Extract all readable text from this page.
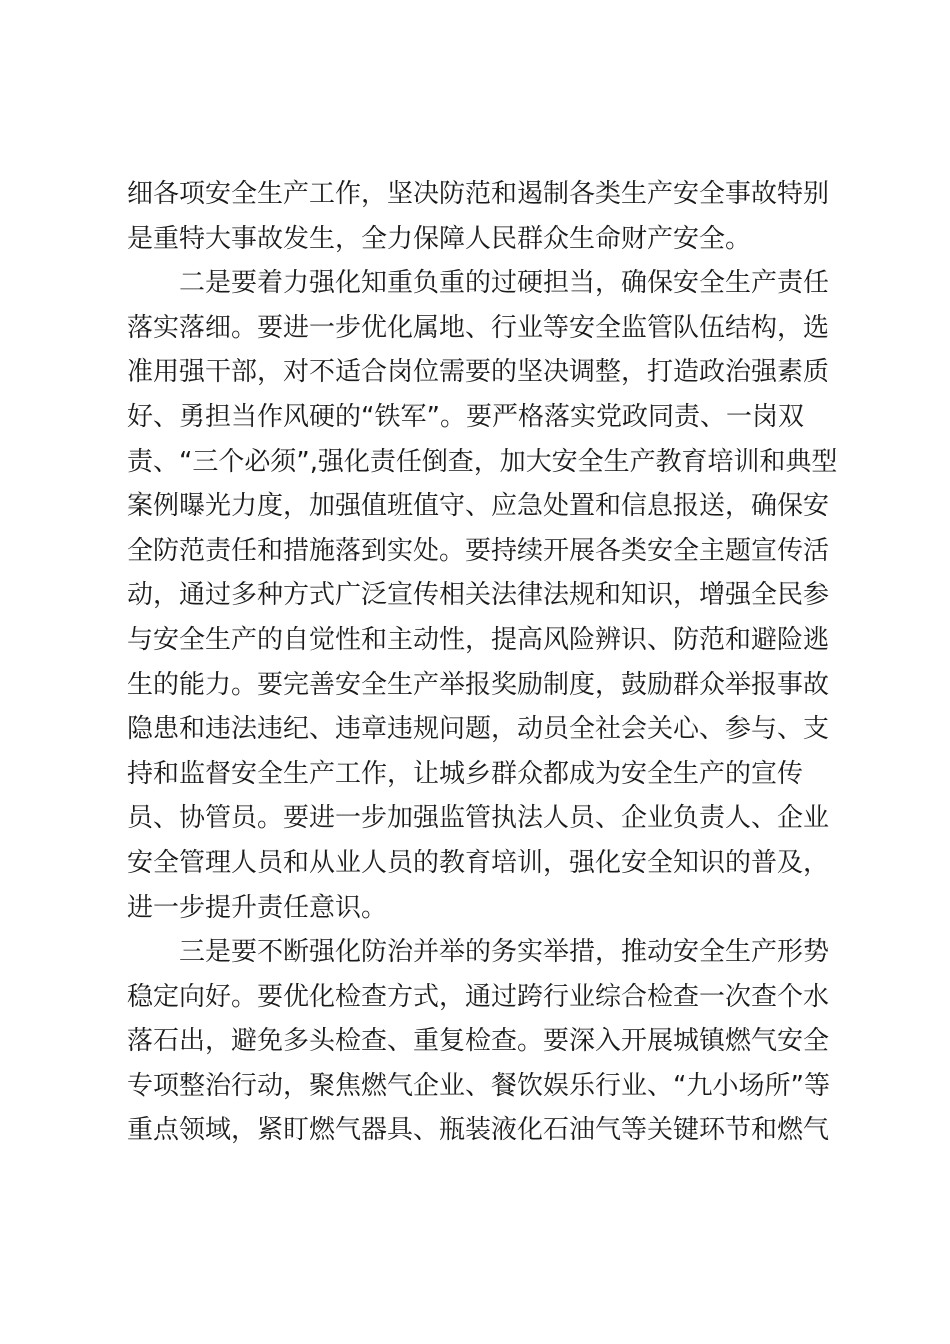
细各项安全生产工作，坚决防范和遏制各类生产安全事故特别
是重特大事故发生，全力保障人民群众生命财产安全。
二是要着力强化知重负重的过硬担当，确保安全生产责任
落实落细。要进一步优化属地、行业等安全监管队伍结构，选
准用强干部，对不适合岗位需要的坚决调整，打造政治强素质
好、勇担当作风硬的“铁军”。要严格落实党政同责、一岗双
责、“三个必须”,强化责任倒查，加大安全生产教育培训和典型
案例曝光力度，加强值班值守、应急处置和信息报送，确保安
全防范责任和措施落到实处。要持续开展各类安全主题宣传活
动，通过多种方式广泛宣传相关法律法规和知识，增强全民参
与安全生产的自觉性和主动性，提高风险辨识、防范和避险逃
生的能力。要完善安全生产举报奖励制度，鼓励群众举报事故
隐患和违法违纪、违章违规问题，动员全社会关心、参与、支
持和监督安全生产工作，让城乡群众都成为安全生产的宣传
员、协管员。要进一步加强监管执法人员、企业负责人、企业
安全管理人员和从业人员的教育培训，强化安全知识的普及，
进一步提升责任意识。
三是要不断强化防治并举的务实举措，推动安全生产形势
稳定向好。要优化检查方式，通过跨行业综合检查一次查个水
落石出，避免多头检查、重复检查。要深入开展城镇燃气安全
专项整治行动，聚焦燃气企业、餐饮娱乐行业、“九小场所”等
重点领域，紧盯燃气器具、瓶装液化石油气等关键环节和燃气
